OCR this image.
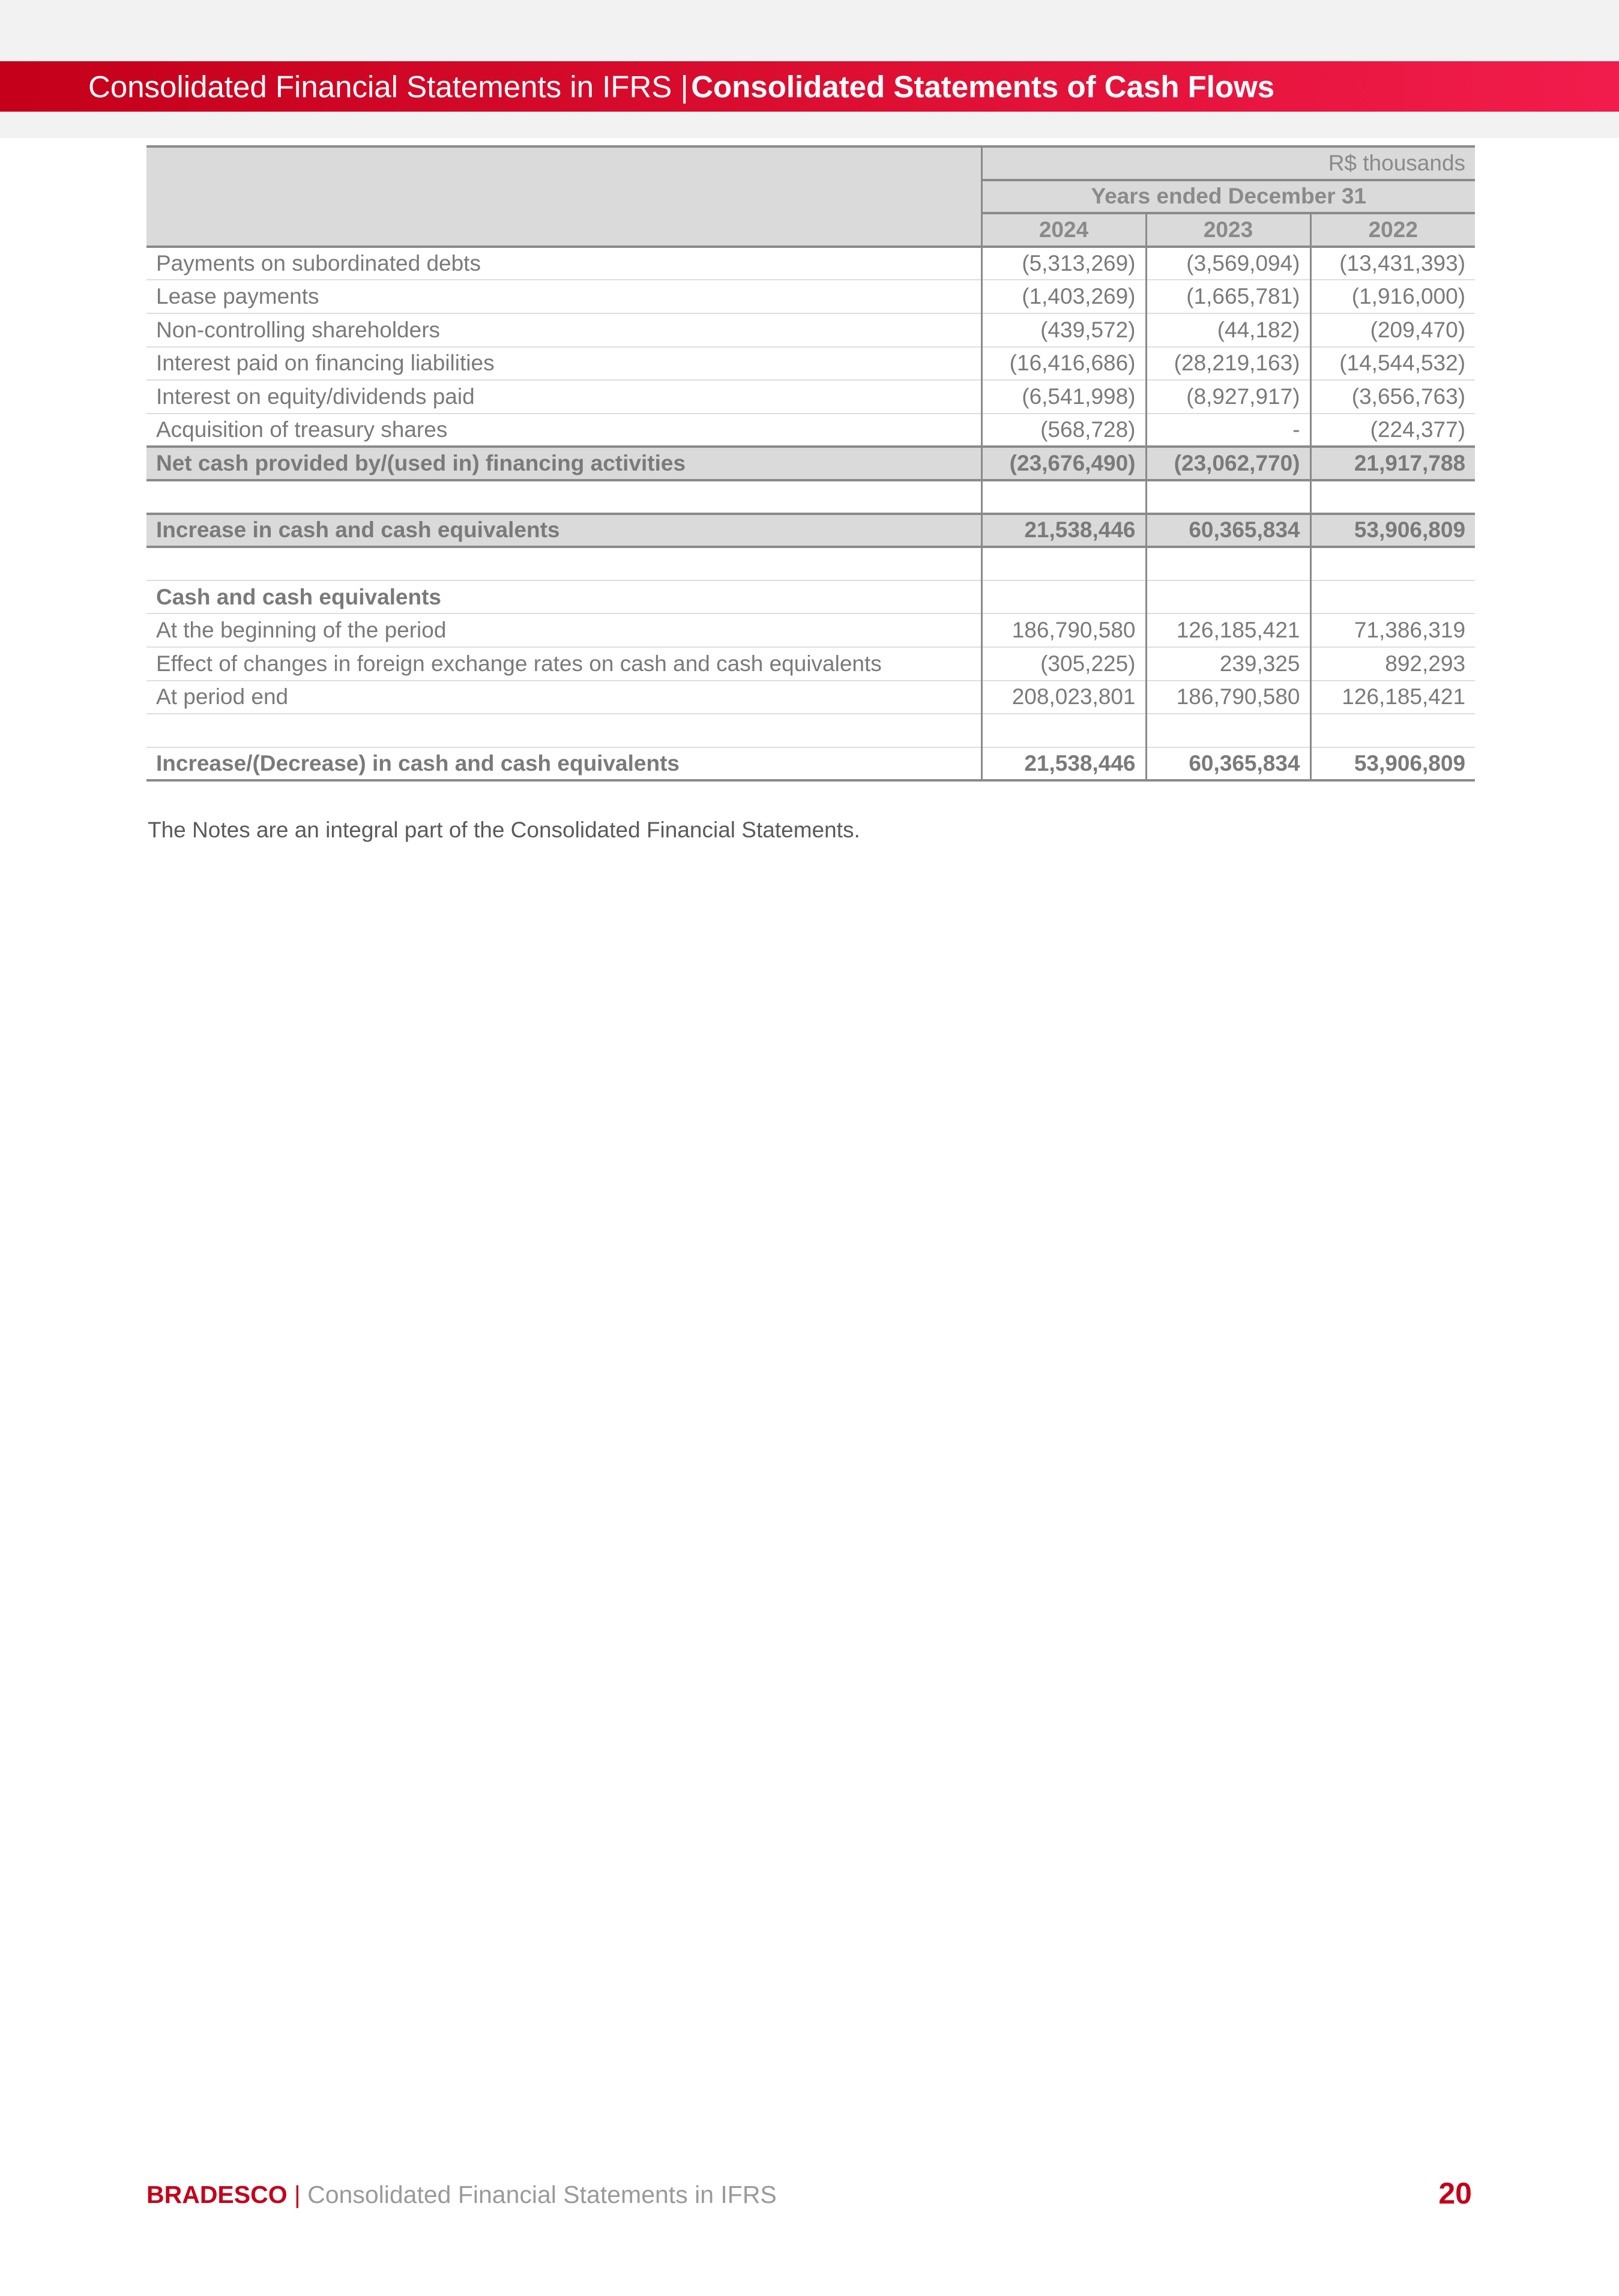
Consolidated Financial Statements in IFRS |
Consolidated Statements of Cash Flows
	R$ thousands		
	Years ended December 31		
	2024	2023	2022
Payments on subordinated debts	(5,313,269)	(3,569,094)	(13,431,393)
Lease payments	(1,403,269)	(1,665,781)	(1,916,000)
Non-controlling shareholders	(439,572)	(44,182)	(209,470)
Interest paid on financing liabilities	(16,416,686)	(28,219,163)	(14,544,532)
Interest on equity/dividends paid	(6,541,998)	(8,927,917)	(3,656,763)
Acquisition of treasury shares	(568,728)	-	(224,377)
Net cash provided by/(used in) financing activities	(23,676,490)	(23,062,770)	21,917,788

Increase in cash and cash equivalents	21,538,446	60,365,834	53,906,809

Cash and cash equivalents			
At the beginning of the period	186,790,580	126,185,421	71,386,319
Effect of changes in foreign exchange rates on cash and cash equivalents	(305,225)	239,325	892,293
At period end	208,023,801	186,790,580	126,185,421

Increase/(Decrease) in cash and cash equivalents	21,538,446	60,365,834	53,906,809
The Notes are an integral part of the Consolidated Financial Statements.
BRADESCO | Consolidated Financial Statements in IFRS	20
